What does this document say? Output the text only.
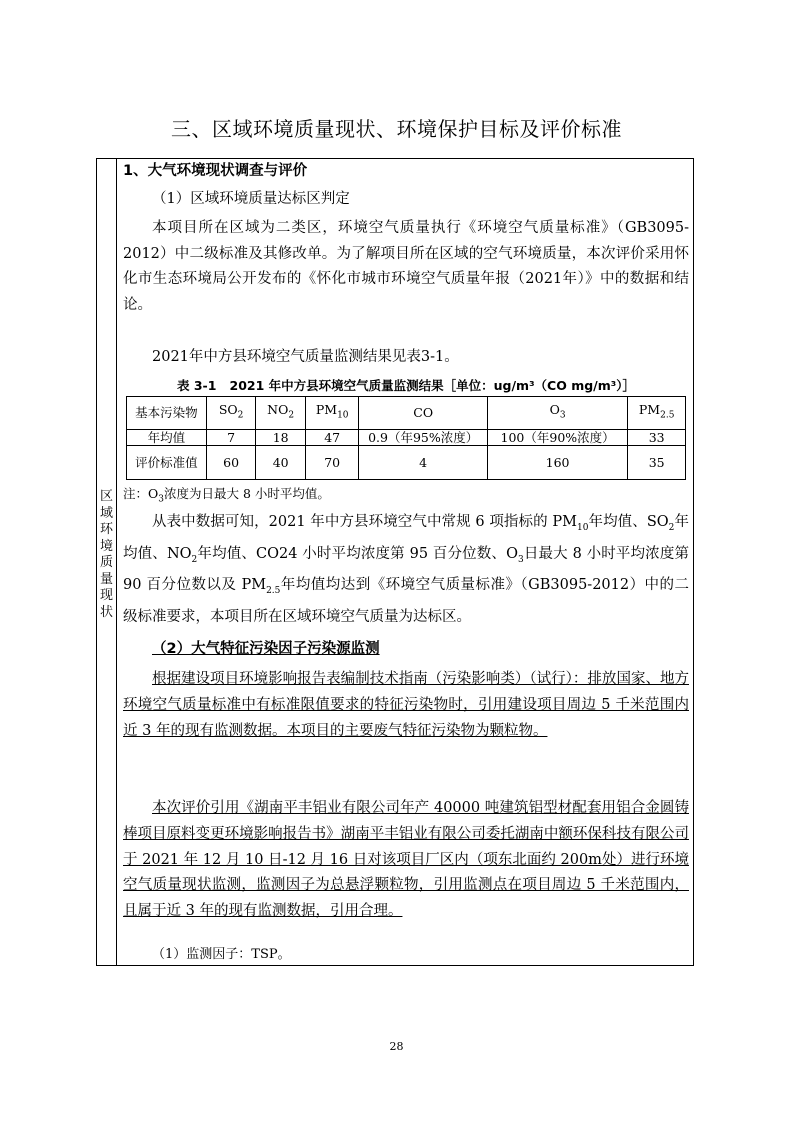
三、区域环境质量现状、环境保护目标及评价标准
区域环境质量现状

1、大气环境现状调查与评价

（1）区域环境质量达标区判定

本项目所在区域为二类区，环境空气质量执行《环境空气质量标准》（GB3095-2012）中二级标准及其修改单。为了解项目所在区域的空气环境质量，本次评价采用怀化市生态环境局公开发布的《怀化市城市环境空气质量年报（2021年）》中的数据和结论。

2021年中方县环境空气质量监测结果见表3-1。

表 3-1 2021 年中方县环境空气质量监测结果［单位：ug/m³（CO mg/m³）］
基本污染物	$SO_2$	$NO_2$	$PM_{10}$	CO	$O_3$	$PM_{2.5}$
年均值	7	18	47	0.9（年95%浓度）	100（年90%浓度）	33
评价标准值	60	40	70	4	160	35
注：$O_3$浓度为日最大 8 小时平均值。

从表中数据可知，2021 年中方县环境空气中常规 6 项指标的 $PM_{10}$年均值、$SO_2$年均值、$NO_2$年均值、CO24 小时平均浓度第 95 百分位数、$O_3$日最大 8 小时平均浓度第 90 百分位数以及 $PM_{2.5}$年均值均达到《环境空气质量标准》（GB3095-2012）中的二级标准要求，本项目所在区域环境空气质量为达标区。

（2）大气特征污染因子污染源监测

根据建设项目环境影响报告表编制技术指南（污染影响类）（试行）：排放国家、地方环境空气质量标准中有标准限值要求的特征污染物时，引用建设项目周边 5 千米范围内近 3 年的现有监测数据。本项目的主要废气特征污染物为颗粒物。

本次评价引用《湖南平丰铝业有限公司年产 40000 吨建筑铝型材配套用铝合金圆铸棒项目原料变更环境影响报告书》湖南平丰铝业有限公司委托湖南中额环保科技有限公司于 2021 年 12 月 10 日-12 月 16 日对该项目厂区内（项东北面约 200m处）进行环境空气质量现状监测，监测因子为总悬浮颗粒物，引用监测点在项目周边 5 千米范围内，且属于近 3 年的现有监测数据，引用合理。

（1）监测因子：TSP。

28
